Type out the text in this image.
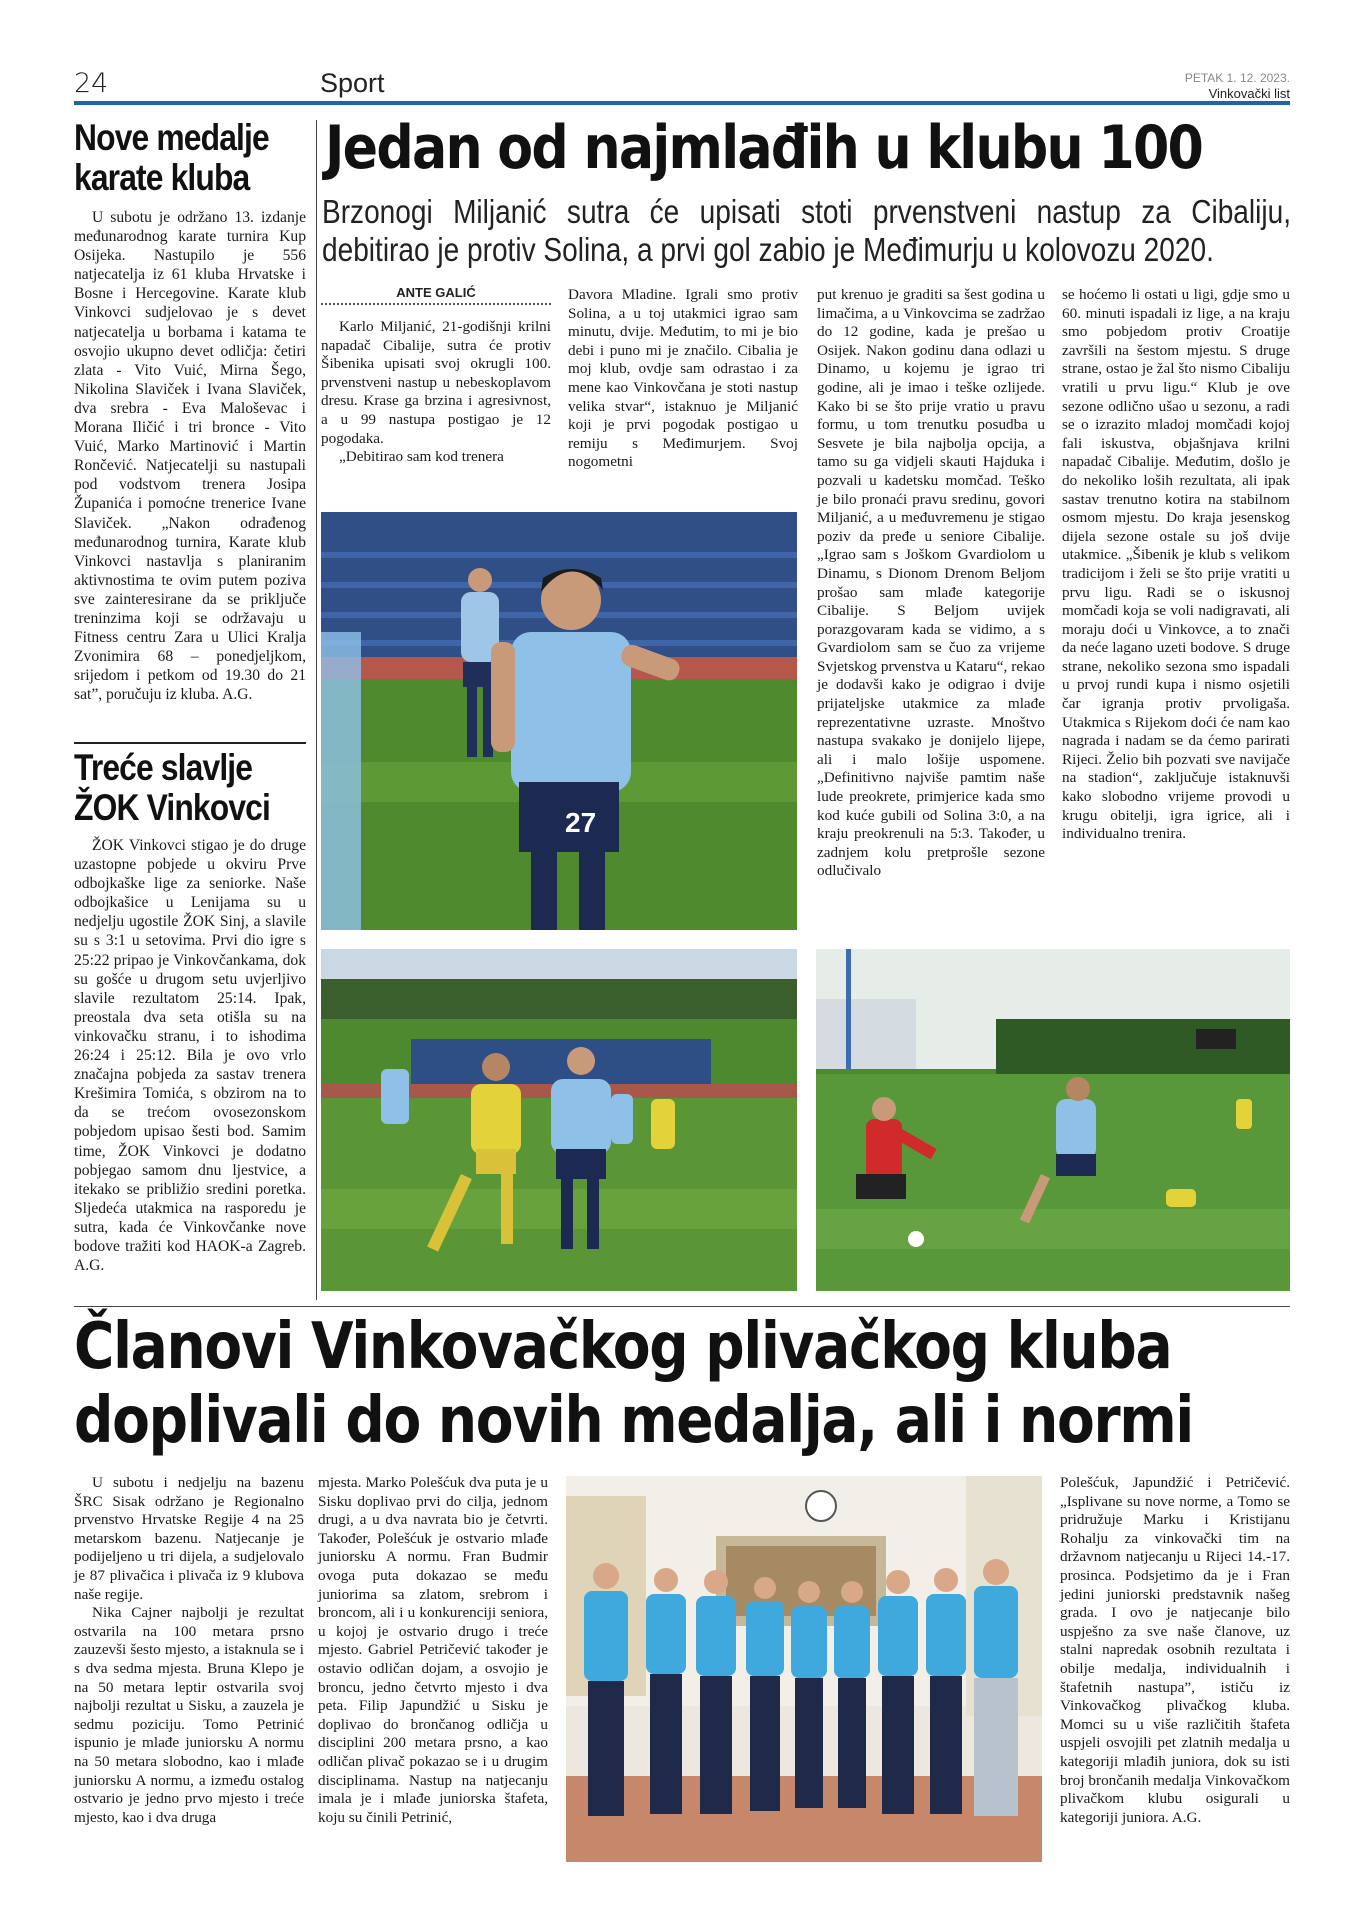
24	Sport	PETAK 1. 12. 2023.
Vinkovački list
Nove medalje
karate kluba

U subotu je održano 13. izdanje međunarodnog karate turnira Kup Osijeka. Nastupilo je 556 natjecatelja iz 61 kluba Hrvatske i Bosne i Hercegovine. Karate klub Vinkovci sudjelovao je s devet natjecatelja u borbama i katama te osvojio ukupno devet odličja: četiri zlata - Vito Vuić, Mirna Šego, Nikolina Slaviček i Ivana Slaviček, dva srebra - Eva Maloševac i Morana Iličić i tri bronce - Vito Vuić, Marko Martinović i Martin Rončević. Natjecatelji su nastupali pod vodstvom trenera Josipa Županića i pomoćne trenerice Ivane Slaviček. „Nakon odrađenog međunarodnog turnira, Karate klub Vinkovci nastavlja s planiranim aktivnostima te ovim putem poziva sve zainteresirane da se priključe treninzima koji se održavaju u Fitness centru Zara u Ulici Kralja Zvonimira 68 – ponedjeljkom, srijedom i petkom od 19.30 do 21 sat”, poručuju iz kluba. A.G.

Treće slavlje
ŽOK Vinkovci

ŽOK Vinkovci stigao je do druge uzastopne pobjede u okviru Prve odbojkaške lige za seniorke. Naše odbojkašice u Lenijama su u nedjelju ugostile ŽOK Sinj, a slavile su s 3:1 u setovima. Prvi dio igre s 25:22 pripao je Vinkovčankama, dok su gošće u drugom setu uvjerljivo slavile rezultatom 25:14. Ipak, preostala dva seta otišla su na vinkovačku stranu, i to ishodima 26:24 i 25:12. Bila je ovo vrlo značajna pobjeda za sastav trenera Krešimira Tomića, s obzirom na to da se trećom ovosezonskom pobjedom upisao šesti bod. Samim time, ŽOK Vinkovci je dodatno pobjegao samom dnu ljestvice, a itekako se približio sredini poretka. Sljedeća utakmica na rasporedu je sutra, kada će Vinkovčanke nove bodove tražiti kod HAOK-a Zagreb. A.G.

Jedan od najmlađih u klubu 100
Brzonogi Miljanić sutra će upisati stoti prvenstveni nastup za Cibaliju, debitirao je protiv Solina, a prvi gol zabio je Međimurju u kolovozu 2020.
ANTE GALIĆ

Karlo Miljanić, 21-godišnji krilni napadač Cibalije, sutra će protiv Šibenika upisati svoj okrugli 100. prvenstveni nastup u nebeskoplavom dresu. Krase ga brzina i agresivnost, a u 99 nastupa postigao je 12 pogodaka.

„Debitirao sam kod trenera

Davora Mladine. Igrali smo protiv Solina, a u toj utakmici igrao sam minutu, dvije. Međutim, to mi je bio debi i puno mi je značilo. Cibalia je moj klub, ovdje sam odrastao i za mene kao Vinkovčana je stoti nastup velika stvar“, istaknuo je Miljanić koji je prvi pogodak postigao u remiju s Međimurjem. Svoj nogometni

put krenuo je graditi sa šest godina u limačima, a u Vinkovcima se zadržao do 12 godine, kada je prešao u Osijek. Nakon godinu dana odlazi u Dinamo, u kojemu je igrao tri godine, ali je imao i teške ozlijede. Kako bi se što prije vratio u pravu formu, u tom trenutku posudba u Sesvete je bila najbolja opcija, a tamo su ga vidjeli skauti Hajduka i pozvali u kadetsku momčad. Teško je bilo pronaći pravu sredinu, govori Miljanić, a u međuvremenu je stigao poziv da pređe u seniore Cibalije. „Igrao sam s Joškom Gvardiolom u Dinamu, s Dionom Drenom Beljom prošao sam mlađe kategorije Cibalije. S Beljom uvijek porazgovaram kada se vidimo, a s Gvardiolom sam se čuo za vrijeme Svjetskog prvenstva u Kataru“, rekao je dodavši kako je odigrao i dvije prijateljske utakmice za mlađe reprezentativne uzraste. Mnoštvo nastupa svakako je donijelo lijepe, ali i malo lošije uspomene. „Definitivno najviše pamtim naše lude preokrete, primjerice kada smo kod kuće gubili od Solina 3:0, a na kraju preokrenuli na 5:3. Također, u zadnjem kolu pretprošle sezone odlučivalo

se hoćemo li ostati u ligi, gdje smo u 60. minuti ispadali iz lige, a na kraju smo pobjedom protiv Croatije završili na šestom mjestu. S druge strane, ostao je žal što nismo Cibaliju vratili u prvu ligu.“ Klub je ove sezone odlično ušao u sezonu, a radi se o izrazito mladoj momčadi kojoj fali iskustva, objašnjava krilni napadač Cibalije. Međutim, došlo je do nekoliko loših rezultata, ali ipak sastav trenutno kotira na stabilnom osmom mjestu. Do kraja jesenskog dijela sezone ostale su još dvije utakmice. „Šibenik je klub s velikom tradicijom i želi se što prije vratiti u prvu ligu. Radi se o iskusnoj momčadi koja se voli nadigravati, ali moraju doći u Vinkovce, a to znači da neće lagano uzeti bodove. S druge strane, nekoliko sezona smo ispadali u prvoj rundi kupa i nismo osjetili čar igranja protiv prvoligaša. Utakmica s Rijekom doći će nam kao nagrada i nadam se da ćemo parirati Rijeci. Želio bih pozvati sve navijače na stadion“, zaključuje istaknuvši kako slobodno vrijeme provodi u krugu obitelji, igra igrice, ali i individualno trenira.

27
Članovi Vinkovačkog plivačkog kluba
doplivali do novih medalja, ali i normi

U subotu i nedjelju na bazenu ŠRC Sisak održano je Regionalno prvenstvo Hrvatske Regije 4 na 25 metarskom bazenu. Natjecanje je podijeljeno u tri dijela, a sudjelovalo je 87 plivačica i plivača iz 9 klubova naše regije.

Nika Cajner najbolji je rezultat ostvarila na 100 metara prsno zauzevši šesto mjesto, a istaknula se i s dva sedma mjesta. Bruna Klepo je na 50 metara leptir ostvarila svoj najbolji rezultat u Sisku, a zauzela je sedmu poziciju. Tomo Petrinić ispunio je mlađe juniorsku A normu na 50 metara slobodno, kao i mlađe juniorsku A normu, a između ostalog ostvario je jedno prvo mjesto i treće mjesto, kao i dva druga

mjesta. Marko Polešćuk dva puta je u Sisku doplivao prvi do cilja, jednom drugi, a u dva navrata bio je četvrti. Također, Polešćuk je ostvario mlađe juniorsku A normu. Fran Budmir ovoga puta dokazao se među juniorima sa zlatom, srebrom i broncom, ali i u konkurenciji seniora, u kojoj je ostvario drugo i treće mjesto. Gabriel Petričević također je ostavio odličan dojam, a osvojio je broncu, jedno četvrto mjesto i dva peta. Filip Japundžić u Sisku je doplivao do brončanog odličja u disciplini 200 metara prsno, a kao odličan plivač pokazao se i u drugim disciplinama. Nastup na natjecanju imala je i mlađe juniorska štafeta, koju su činili Petrinić,

Polešćuk, Japundžić i Petričević. „Isplivane su nove norme, a Tomo se pridružuje Marku i Kristijanu Rohalju za vinkovački tim na državnom natjecanju u Rijeci 14.-17. prosinca. Podsjetimo da je i Fran jedini juniorski predstavnik našeg grada. I ovo je natjecanje bilo uspješno za sve naše članove, uz stalni napredak osobnih rezultata i obilje medalja, individualnih i štafetnih nastupa”, ističu iz Vinkovačkog plivačkog kluba. Momci su u više različitih štafeta uspjeli osvojili pet zlatnih medalja u kategoriji mlađih juniora, dok su isti broj brončanih medalja Vinkovačkom plivačkom klubu osigurali u kategoriji juniora. A.G.
